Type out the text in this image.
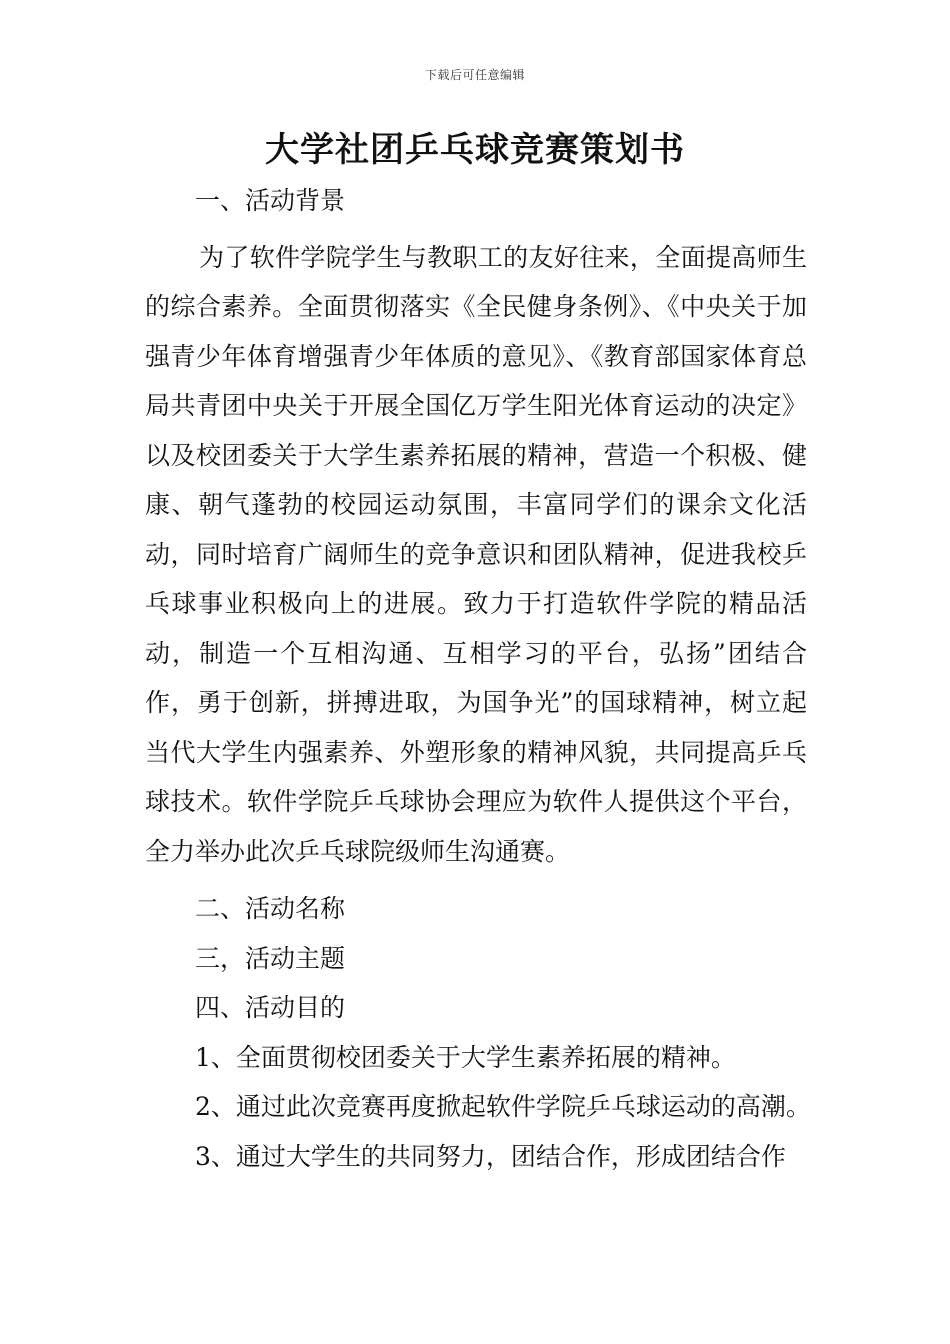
下载后可任意编辑
大学社团乒乓球竞赛策划书

一、活动背景

为了软件学院学生与教职工的友好往来，全面提高师生的综合素养。全面贯彻落实《全民健身条例》、《中央关于加强青少年体育增强青少年体质的意见》、《教育部国家体育总局共青团中央关于开展全国亿万学生阳光体育运动的决定》以及校团委关于大学生素养拓展的精神，营造一个积极、健康、朝气蓬勃的校园运动氛围，丰富同学们的课余文化活动，同时培育广阔师生的竞争意识和团队精神，促进我校乒乓球事业积极向上的进展。致力于打造软件学院的精品活动，制造一个互相沟通、互相学习的平台，弘扬”团结合作，勇于创新，拼搏进取，为国争光”的国球精神，树立起当代大学生内强素养、外塑形象的精神风貌，共同提高乒乓球技术。软件学院乒乓球协会理应为软件人提供这个平台，全力举办此次乒乓球院级师生沟通赛。

二、活动名称

三，活动主题

四、活动目的

1、全面贯彻校团委关于大学生素养拓展的精神。

2、通过此次竞赛再度掀起软件学院乒乓球运动的高潮。

3、通过大学生的共同努力，团结合作，形成团结合作
